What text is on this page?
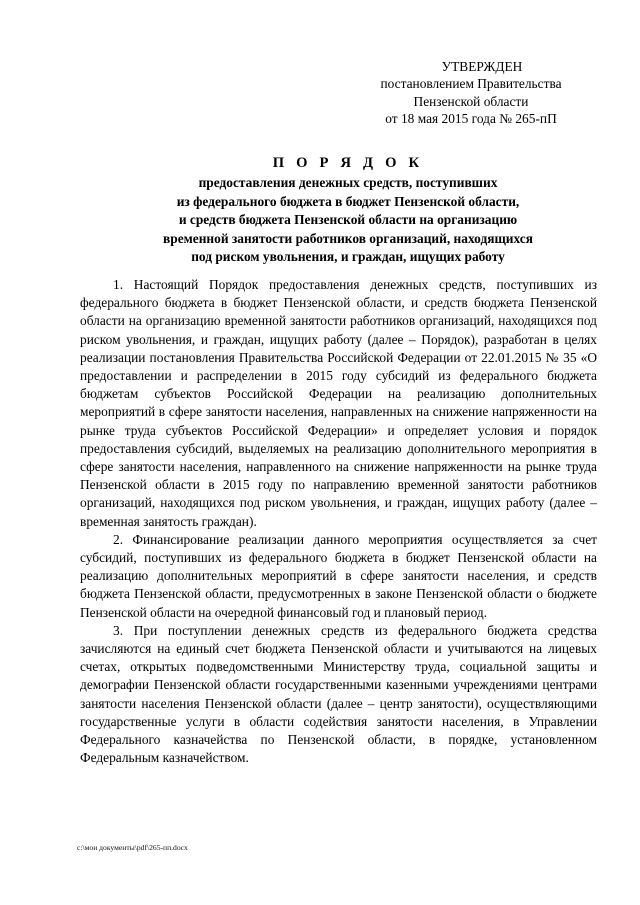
УТВЕРЖДЕН
постановлением Правительства
Пензенской области
от 18 мая 2015 года № 265-пП
П О Р Я Д О К
предоставления денежных средств, поступивших
из федерального бюджета в бюджет Пензенской области,
и средств бюджета Пензенской области на организацию
временной занятости работников организаций, находящихся
под риском увольнения, и граждан, ищущих работу

1. Настоящий Порядок предоставления денежных средств, поступивших из федерального бюджета в бюджет Пензенской области, и средств бюджета Пензенской области на организацию временной занятости работников организаций, находящихся под риском увольнения, и граждан, ищущих работу (далее – Порядок), разработан в целях реализации постановления Правительства Российской Федерации от 22.01.2015 № 35 «О предоставлении и распределении в 2015 году субсидий из федерального бюджета бюджетам субъектов Российской Федерации на реализацию дополнительных мероприятий в сфере занятости населения, направленных на снижение напряженности на рынке труда субъектов Российской Федерации» и определяет условия и порядок предоставления субсидий, выделяемых на реализацию дополнительного мероприятия в сфере занятости населения, направленного на снижение напряженности на рынке труда Пензенской области в 2015 году по направлению временной занятости работников организаций, находящихся под риском увольнения, и граждан, ищущих работу (далее – временная занятость граждан).

2. Финансирование реализации данного мероприятия осуществляется за счет субсидий, поступивших из федерального бюджета в бюджет Пензенской области на реализацию дополнительных мероприятий в сфере занятости населения, и средств бюджета Пензенской области, предусмотренных в законе Пензенской области о бюджете Пензенской области на очередной финансовый год и плановый период.

3. При поступлении денежных средств из федерального бюджета средства зачисляются на единый счет бюджета Пензенской области и учитываются на лицевых счетах, открытых подведомственными Министерству труда, социальной защиты и демографии Пензенской области государственными казенными учреждениями центрами занятости населения Пензенской области (далее – центр занятости), осуществляющими государственные услуги в области содействия занятости населения, в Управлении Федерального казначейства по Пензенской области, в порядке, установленном Федеральным казначейством.

c:\мои документы\pdf\265-пп.docx
